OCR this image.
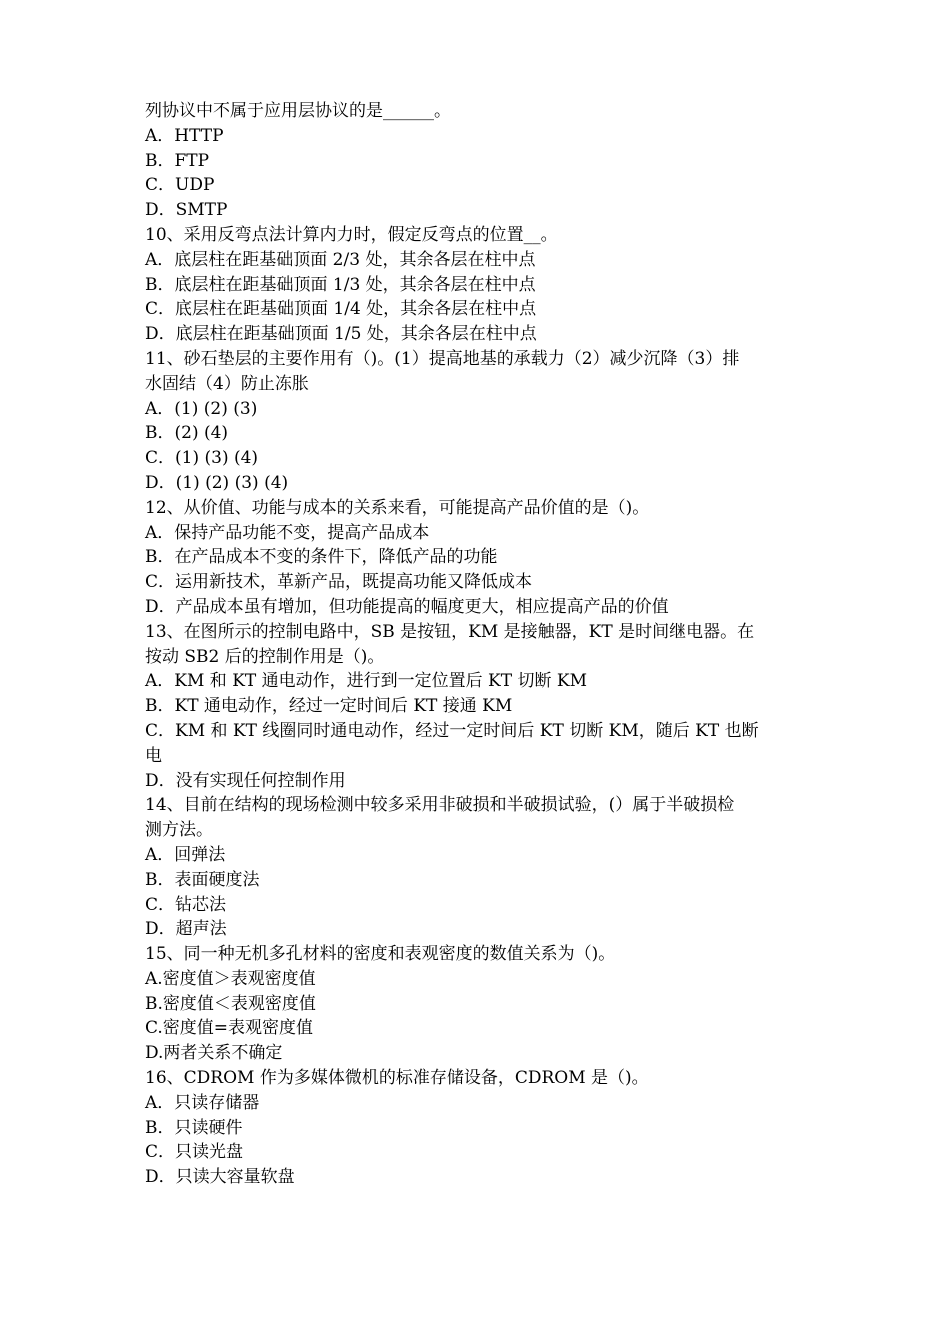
列协议中不属于应用层协议的是______。
A．HTTP
B．FTP
C．UDP
D．SMTP
10、采用反弯点法计算内力时，假定反弯点的位置__。
A．底层柱在距基础顶面 2/3 处，其余各层在柱中点
B．底层柱在距基础顶面 1/3 处，其余各层在柱中点
C．底层柱在距基础顶面 1/4 处，其余各层在柱中点
D．底层柱在距基础顶面 1/5 处，其余各层在柱中点
11、砂石垫层的主要作用有（)。(1）提高地基的承载力（2）减少沉降（3）排
水固结（4）防止冻胀
A．(1) (2) (3)
B．(2) (4)
C．(1) (3) (4)
D．(1) (2) (3) (4)
12、从价值、功能与成本的关系来看，可能提高产品价值的是（)。
A．保持产品功能不变，提高产品成本
B．在产品成本不变的条件下，降低产品的功能
C．运用新技术，革新产品，既提高功能又降低成本
D．产品成本虽有增加，但功能提高的幅度更大，相应提高产品的价值
13、在图所示的控制电路中，SB 是按钮，KM 是接触器，KT 是时间继电器。在
按动 SB2 后的控制作用是（)。
A．KM 和 KT 通电动作，进行到一定位置后 KT 切断 KM
B．KT 通电动作，经过一定时间后 KT 接通 KM
C．KM 和 KT 线圈同时通电动作，经过一定时间后 KT 切断 KM，随后 KT 也断
电
D．没有实现任何控制作用
14、目前在结构的现场检测中较多采用非破损和半破损试验，(）属于半破损检
测方法。
A．回弹法
B．表面硬度法
C．钻芯法
D．超声法
15、同一种无机多孔材料的密度和表观密度的数值关系为（)。
A.密度值＞表观密度值
B.密度值＜表观密度值
C.密度值=表观密度值
D.两者关系不确定
16、CDROM 作为多媒体微机的标准存储设备，CDROM 是（)。
A．只读存储器
B．只读硬件
C．只读光盘
D．只读大容量软盘
